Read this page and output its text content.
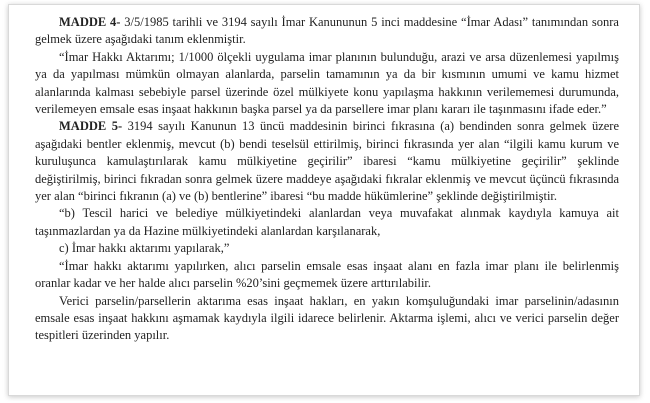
MADDE 4- 3/5/1985 tarihli ve 3194 sayılı İmar Kanununun 5 inci maddesine “İmar Adası” tanımından sonra gelmek üzere aşağıdaki tanım eklenmiştir.

“İmar Hakkı Aktarımı; 1/1000 ölçekli uygulama imar planının bulunduğu, arazi ve arsa düzenlemesi yapılmış ya da yapılması mümkün olmayan alanlarda, parselin tamamının ya da bir kısmının umumi ve kamu hizmet alanlarında kalması sebebiyle parsel üzerinde özel mülkiyete konu yapılaşma hakkının verilememesi durumunda, verilemeyen emsale esas inşaat hakkının başka parsel ya da parsellere imar planı kararı ile taşınmasını ifade eder.”

MADDE 5- 3194 sayılı Kanunun 13 üncü maddesinin birinci fıkrasına (a) bendinden sonra gelmek üzere aşağıdaki bentler eklenmiş, mevcut (b) bendi teselsül ettirilmiş, birinci fıkrasında yer alan “ilgili kamu kurum ve kuruluşunca kamulaştırılarak kamu mülkiyetine geçirilir” ibaresi “kamu mülkiyetine geçirilir” şeklinde değiştirilmiş, birinci fıkradan sonra gelmek üzere maddeye aşağıdaki fıkralar eklenmiş ve mevcut üçüncü fıkrasında yer alan “birinci fıkranın (a) ve (b) bentlerine” ibaresi “bu madde hükümlerine” şeklinde değiştirilmiştir.

“b) Tescil harici ve belediye mülkiyetindeki alanlardan veya muvafakat alınmak kaydıyla kamuya ait taşınmazlardan ya da Hazine mülkiyetindeki alanlardan karşılanarak,

c) İmar hakkı aktarımı yapılarak,”

“İmar hakkı aktarımı yapılırken, alıcı parselin emsale esas inşaat alanı en fazla imar planı ile belirlenmiş oranlar kadar ve her halde alıcı parselin %20’sini geçmemek üzere arttırılabilir.

Verici parselin/parsellerin aktarıma esas inşaat hakları, en yakın komşuluğundaki imar parselinin/adasının emsale esas inşaat hakkını aşmamak kaydıyla ilgili idarece belirlenir. Aktarma işlemi, alıcı ve verici parselin değer tespitleri üzerinden yapılır.
